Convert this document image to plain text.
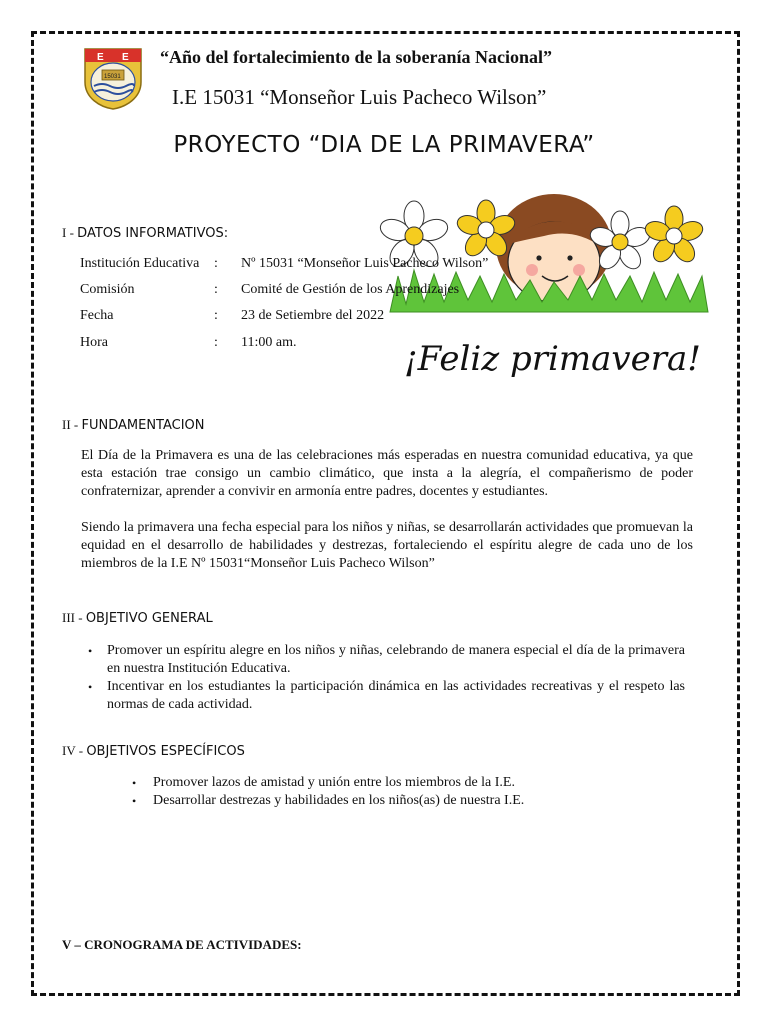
E E
15031
“Año del fortalecimiento de la soberanía Nacional”
I.E 15031 “Monseñor Luis Pacheco Wilson”
PROYECTO “DIA DE LA PRIMAVERA”
¡Feliz primavera!
I - DATOS INFORMATIVOS:
Institución Educativa : Nº 15031 “Monseñor Luis Pacheco Wilson”
Comisión	: Comité de Gestión de los Aprendizajes
Fecha	: 23 de Setiembre del 2022
Hora	: 11:00 am.
II - FUNDAMENTACION
El Día de la Primavera es una de las celebraciones más esperadas en nuestra comunidad educativa, ya que esta estación trae consigo un cambio climático, que insta a la alegría, el compañerismo de poder confraternizar, aprender a convivir en armonía entre padres, docentes y estudiantes.
Siendo la primavera una fecha especial para los niños y niñas, se desarrollarán actividades que promuevan la equidad en el desarrollo de habilidades y destrezas, fortaleciendo el espíritu alegre de cada uno de los miembros de la I.E Nº 15031“Monseñor Luis Pacheco Wilson”
III - OBJETIVO GENERAL
• Promover un espíritu alegre en los niños y niñas, celebrando de manera especial el día de la primavera en nuestra Institución Educativa.
• Incentivar en los estudiantes la participación dinámica en las actividades recreativas y el respeto las normas de cada actividad.
IV - OBJETIVOS ESPECÍFICOS
• Promover lazos de amistad y unión entre los miembros de la I.E.
• Desarrollar destrezas y habilidades en los niños(as) de nuestra I.E.
V – CRONOGRAMA DE ACTIVIDADES:
